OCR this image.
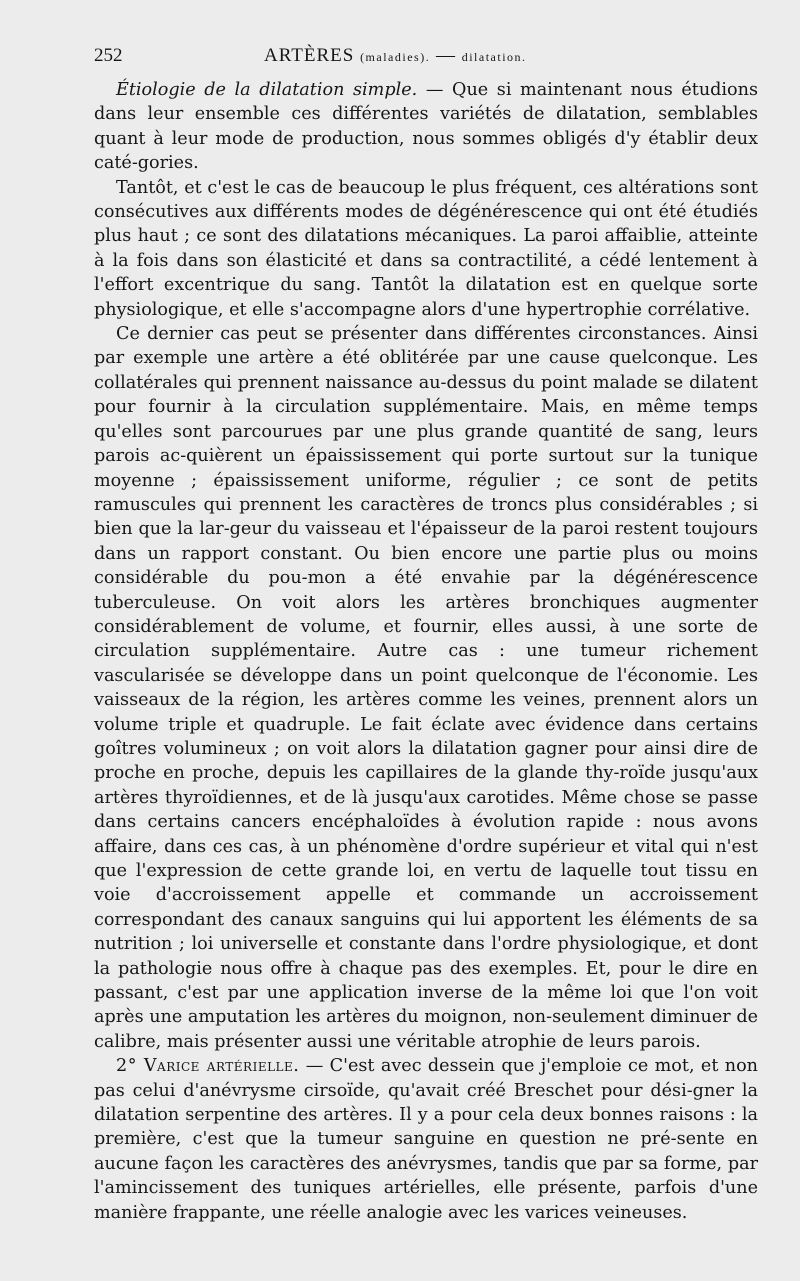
252	ARTÈRES (maladies). — dilatation.

Étiologie de la dilatation simple. — Que si maintenant nous étudions dans leur ensemble ces différentes variétés de dilatation, semblables quant à leur mode de production, nous sommes obligés d'y établir deux caté-gories.

Tantôt, et c'est le cas de beaucoup le plus fréquent, ces altérations sont consécutives aux différents modes de dégénérescence qui ont été étudiés plus haut ; ce sont des dilatations mécaniques. La paroi affaiblie, atteinte à la fois dans son élasticité et dans sa contractilité, a cédé lentement à l'effort excentrique du sang. Tantôt la dilatation est en quelque sorte physiologique, et elle s'accompagne alors d'une hypertrophie corrélative.

Ce dernier cas peut se présenter dans différentes circonstances. Ainsi par exemple une artère a été oblitérée par une cause quelconque. Les collatérales qui prennent naissance au-dessus du point malade se dilatent pour fournir à la circulation supplémentaire. Mais, en même temps qu'elles sont parcourues par une plus grande quantité de sang, leurs parois ac-quièrent un épaississement qui porte surtout sur la tunique moyenne ; épaississement uniforme, régulier ; ce sont de petits ramuscules qui prennent les caractères de troncs plus considérables ; si bien que la lar-geur du vaisseau et l'épaisseur de la paroi restent toujours dans un rapport constant. Ou bien encore une partie plus ou moins considérable du pou-mon a été envahie par la dégénérescence tuberculeuse. On voit alors les artères bronchiques augmenter considérablement de volume, et fournir, elles aussi, à une sorte de circulation supplémentaire. Autre cas : une tumeur richement vascularisée se développe dans un point quelconque de l'économie. Les vaisseaux de la région, les artères comme les veines, prennent alors un volume triple et quadruple. Le fait éclate avec évidence dans certains goîtres volumineux ; on voit alors la dilatation gagner pour ainsi dire de proche en proche, depuis les capillaires de la glande thy-roïde jusqu'aux artères thyroïdiennes, et de là jusqu'aux carotides. Même chose se passe dans certains cancers encéphaloïdes à évolution rapide : nous avons affaire, dans ces cas, à un phénomène d'ordre supérieur et vital qui n'est que l'expression de cette grande loi, en vertu de laquelle tout tissu en voie d'accroissement appelle et commande un accroissement correspondant des canaux sanguins qui lui apportent les éléments de sa nutrition ; loi universelle et constante dans l'ordre physiologique, et dont la pathologie nous offre à chaque pas des exemples. Et, pour le dire en passant, c'est par une application inverse de la même loi que l'on voit après une amputation les artères du moignon, non-seulement diminuer de calibre, mais présenter aussi une véritable atrophie de leurs parois.

2° Varice artérielle. — C'est avec dessein que j'emploie ce mot, et non pas celui d'anévrysme cirsoïde, qu'avait créé Breschet pour dési-gner la dilatation serpentine des artères. Il y a pour cela deux bonnes raisons : la première, c'est que la tumeur sanguine en question ne pré-sente en aucune façon les caractères des anévrysmes, tandis que par sa forme, par l'amincissement des tuniques artérielles, elle présente, parfois d'une manière frappante, une réelle analogie avec les varices veineuses.
